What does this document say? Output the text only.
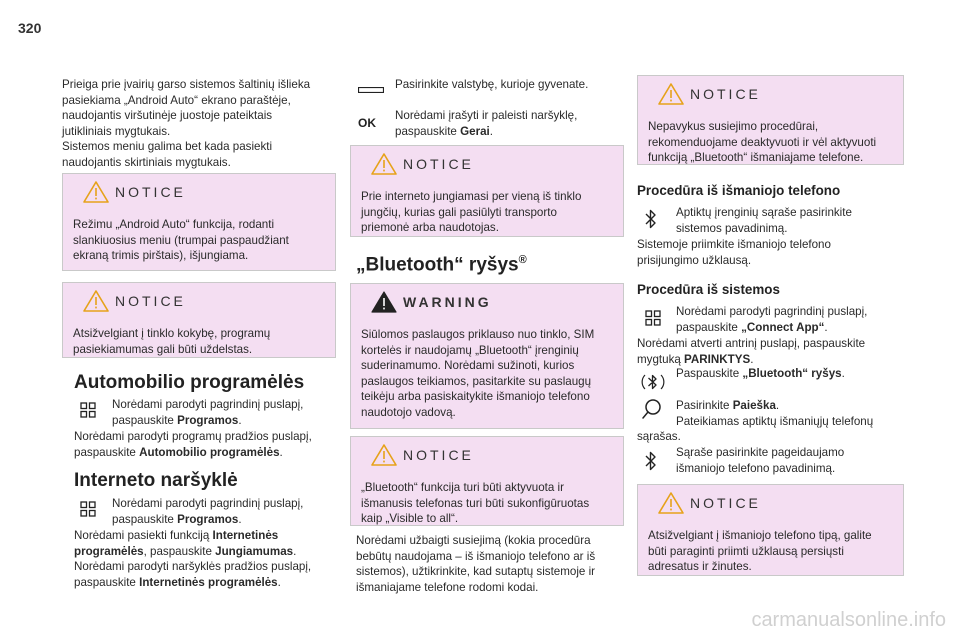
320
Prieiga prie įvairių garso sistemos šaltinių išlieka
pasiekiama „Android Auto“ ekrano paraštėje,
naudojantis viršutinėje juostoje pateiktais
jutikliniais mygtukais.
Sistemos meniu galima bet kada pasiekti
naudojantis skirtiniais mygtukais.
NOTICE
Režimu „Android Auto“ funkcija, rodanti
slankiuosius meniu (trumpai paspaudžiant
ekraną trimis pirštais), išjungiama.
NOTICE
Atsižvelgiant į tinklo kokybę, programų
pasiekiamumas gali būti uždelstas.
Automobilio programėlės
Norėdami parodyti pagrindinį puslapį,
paspauskite Programos.
Norėdami parodyti programų pradžios puslapį,
paspauskite Automobilio programėlės.
Interneto naršyklė
Norėdami parodyti pagrindinį puslapį,
paspauskite Programos.
Norėdami pasiekti funkciją Internetinės
programėlės, paspauskite Jungiamumas.
Norėdami parodyti naršyklės pradžios puslapį,
paspauskite Internetinės programėlės.
Pasirinkite valstybę, kurioje gyvenate.
OK
Norėdami įrašyti ir paleisti naršyklę,
paspauskite Gerai.
NOTICE
Prie interneto jungiamasi per vieną iš tinklo
jungčių, kurias gali pasiūlyti transporto
priemonė arba naudotojas.
„Bluetooth“ ryšys®
WARNING
Siūlomos paslaugos priklauso nuo tinklo, SIM
kortelės ir naudojamų „Bluetooth“ įrenginių
suderinamumo. Norėdami sužinoti, kurios
paslaugos teikiamos, pasitarkite su paslaugų
teikėju arba pasiskaitykite išmaniojo telefono
naudotojo vadovą.
NOTICE
„Bluetooth“ funkcija turi būti aktyvuota ir
išmanusis telefonas turi būti sukonfigūruotas
kaip „Visible to all“.
Norėdami užbaigti susiejimą (kokia procedūra
bebūtų naudojama – iš išmaniojo telefono ar iš
sistemos), užtikrinkite, kad sutaptų sistemoje ir
išmaniajame telefone rodomi kodai.
NOTICE
Nepavykus susiejimo procedūrai,
rekomenduojame deaktyvuoti ir vėl aktyvuoti
funkciją „Bluetooth“ išmaniajame telefone.
Procedūra iš išmaniojo telefono
Aptiktų įrenginių sąraše pasirinkite
sistemos pavadinimą.
Sistemoje priimkite išmaniojo telefono
prisijungimo užklausą.
Procedūra iš sistemos
Norėdami parodyti pagrindinį puslapį,
paspauskite „Connect App“.
Norėdami atverti antrinį puslapį, paspauskite
mygtuką PARINKTYS.
Paspauskite „Bluetooth“ ryšys.
Pasirinkite Paieška.
Pateikiamas aptiktų išmaniųjų telefonų
sąrašas.
Sąraše pasirinkite pageidaujamo
išmaniojo telefono pavadinimą.
NOTICE
Atsižvelgiant į išmaniojo telefono tipą, galite
būti paraginti priimti užklausą persiųsti
adresatus ir žinutes.
carmanualsonline.info
